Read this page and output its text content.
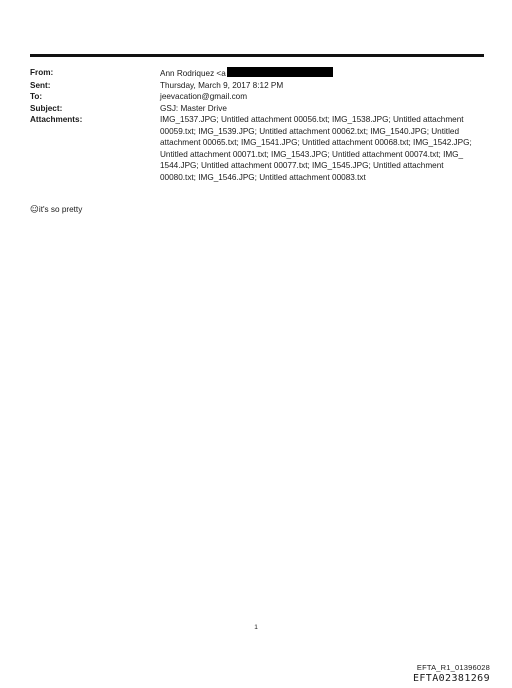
From:	Ann Rodriquez <a
Sent:	Thursday, March 9, 2017 8:12 PM
To:	jeevacation@gmail.com
Subject:	GSJ: Master Drive
Attachments:	IMG_1537.JPG; Untitled attachment 00056.txt; IMG_1538.JPG; Untitled attachment 00059.txt; IMG_1539.JPG; Untitled attachment 00062.txt; IMG_1540.JPG; Untitled attachment 00065.txt; IMG_1541.JPG; Untitled attachment 00068.txt; IMG_1542.JPG; Untitled attachment 00071.txt; IMG_1543.JPG; Untitled attachment 00074.txt; IMG_ 1544.JPG; Untitled attachment 00077.txt; IMG_1545.JPG; Untitled attachment 00080.txt; IMG_1546.JPG; Untitled attachment 00083.txt
☺it's so pretty
1
EFTA_R1_01396028
EFTA02381269
